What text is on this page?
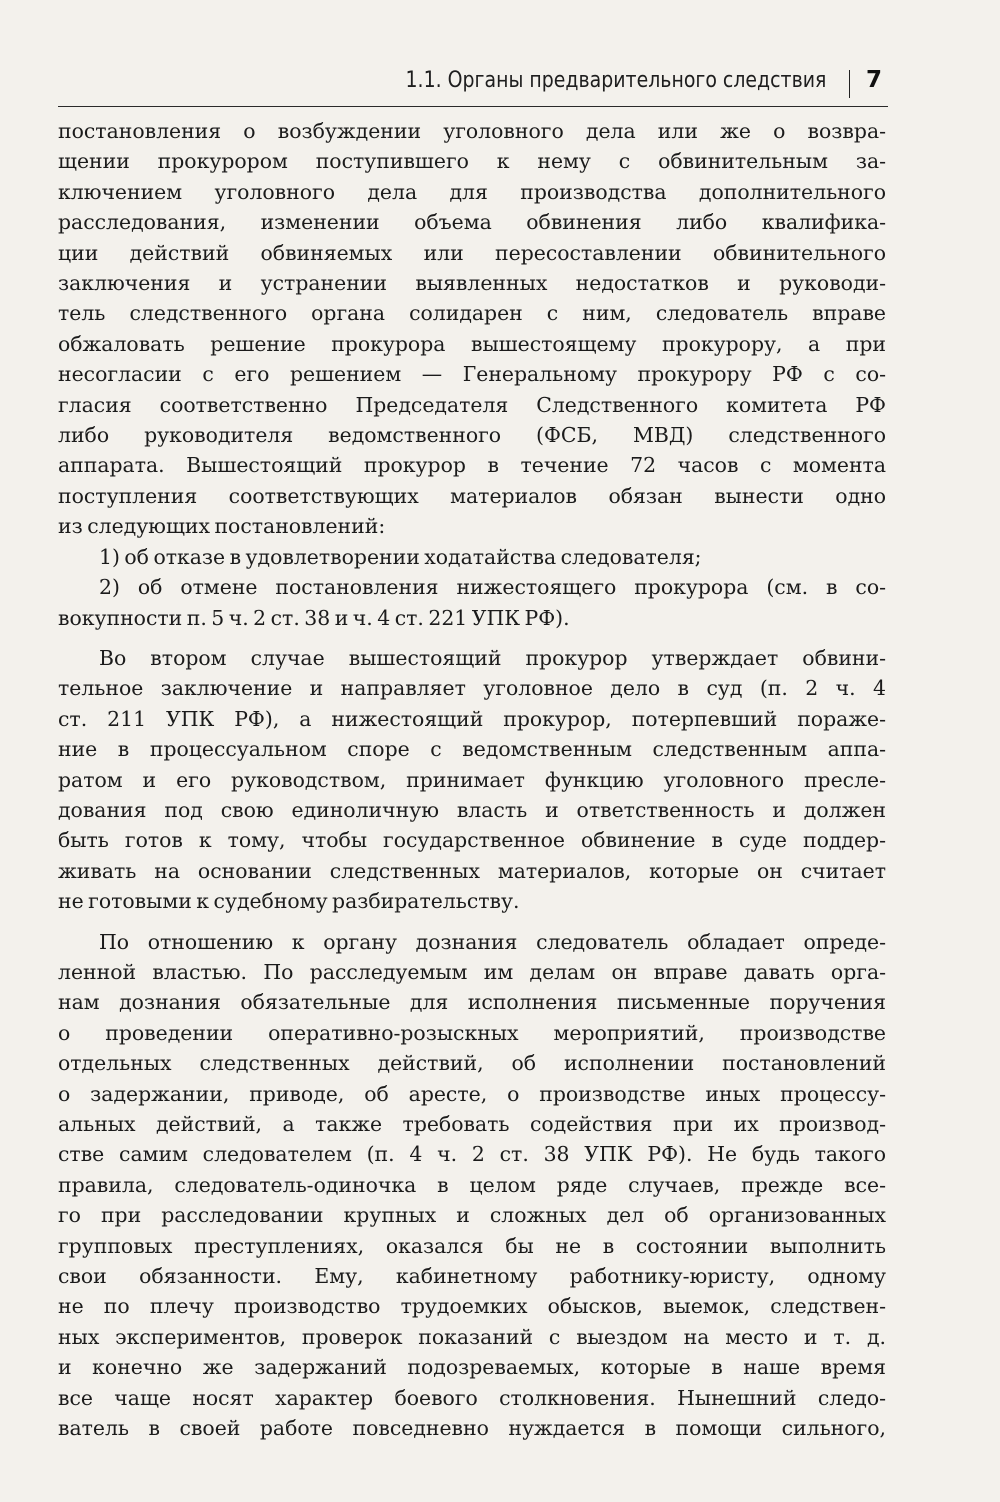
1.1. Органы предварительного следствия 7
постановления о возбуждении уголовного дела или же о возвра-
щении прокурором поступившего к нему с обвинительным за-
ключением уголовного дела для производства дополнительного
расследования, изменении объема обвинения либо квалифика-
ции действий обвиняемых или пересоставлении обвинительного
заключения и устранении выявленных недостатков и руководи-
тель следственного органа солидарен с ним, следователь вправе
обжаловать решение прокурора вышестоящему прокурору, а при
несогласии с его решением — Генеральному прокурору РФ с со-
гласия соответственно Председателя Следственного комитета РФ
либо руководителя ведомственного (ФСБ, МВД) следственного
аппарата. Вышестоящий прокурор в течение 72 часов с момента
поступления соответствующих материалов обязан вынести одно
из следующих постановлений:
1) об отказе в удовлетворении ходатайства следователя;
2) об отмене постановления нижестоящего прокурора (см. в со-
вокупности п. 5 ч. 2 ст. 38 и ч. 4 ст. 221 УПК РФ).
Во втором случае вышестоящий прокурор утверждает обвини-
тельное заключение и направляет уголовное дело в суд (п. 2 ч. 4
ст. 211 УПК РФ), а нижестоящий прокурор, потерпевший пораже-
ние в процессуальном споре с ведомственным следственным аппа-
ратом и его руководством, принимает функцию уголовного пресле-
дования под свою единоличную власть и ответственность и должен
быть готов к тому, чтобы государственное обвинение в суде поддер-
живать на основании следственных материалов, которые он считает
не готовыми к судебному разбирательству.
По отношению к органу дознания следователь обладает опреде-
ленной властью. По расследуемым им делам он вправе давать орга-
нам дознания обязательные для исполнения письменные поручения
о проведении оперативно-розыскных мероприятий, производстве
отдельных следственных действий, об исполнении постановлений
о задержании, приводе, об аресте, о производстве иных процессу-
альных действий, а также требовать содействия при их производ-
стве самим следователем (п. 4 ч. 2 ст. 38 УПК РФ). Не будь такого
правила, следователь-одиночка в целом ряде случаев, прежде все-
го при расследовании крупных и сложных дел об организованных
групповых преступлениях, оказался бы не в состоянии выполнить
свои обязанности. Ему, кабинетному работнику-юристу, одному
не по плечу производство трудоемких обысков, выемок, следствен-
ных экспериментов, проверок показаний с выездом на место и т. д.
и конечно же задержаний подозреваемых, которые в наше время
все чаще носят характер боевого столкновения. Нынешний следо-
ватель в своей работе повседневно нуждается в помощи сильного,
